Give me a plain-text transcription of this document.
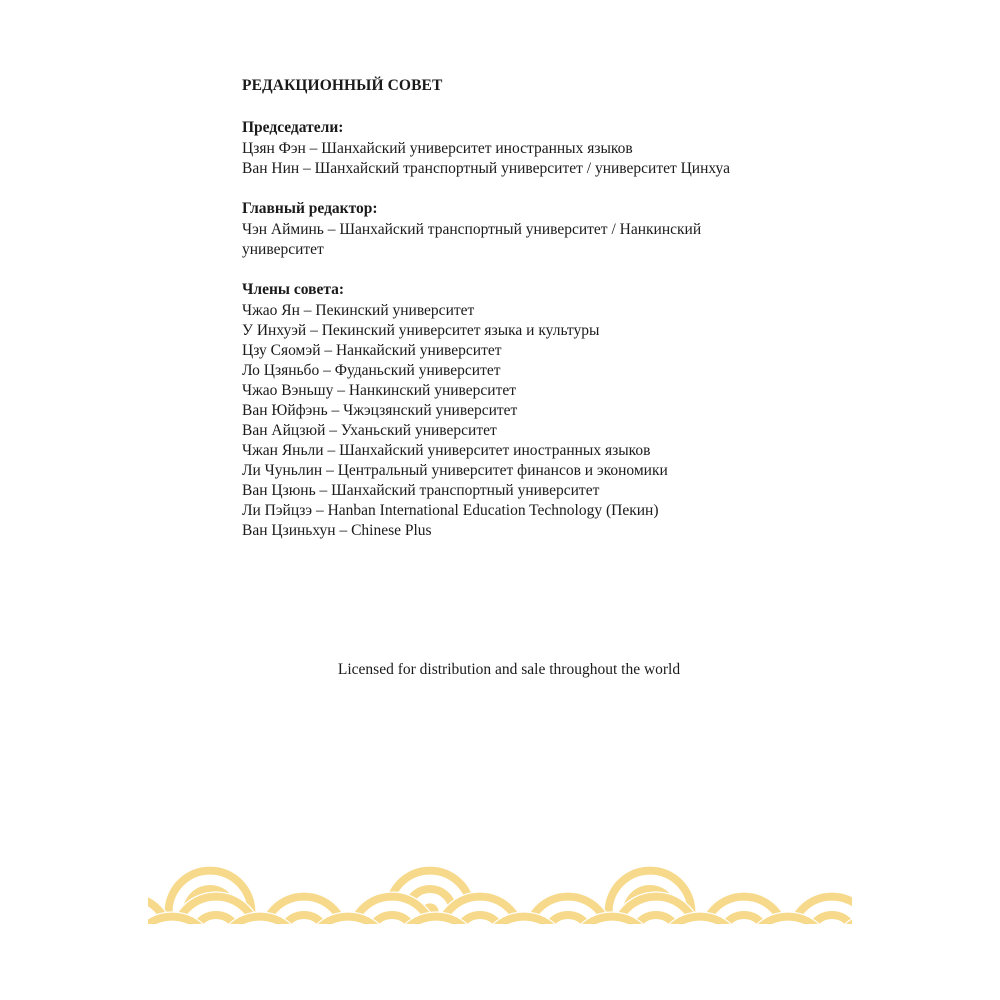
РЕДАКЦИОННЫЙ СОВЕТ
Председатели:
Цзян Фэн – Шанхайский университет иностранных языков
Ван Нин – Шанхайский транспортный университет / университет Цинхуа
Главный редактор:
Чэн Айминь – Шанхайский транспортный университет / Нанкинский университет
Члены совета:
Чжао Ян – Пекинский университет
У Инхуэй – Пекинский университет языка и культуры
Цзу Сяомэй – Нанкайский университет
Ло Цзяньбо – Фуданьский университет
Чжао Вэньшу – Нанкинский университет
Ван Юйфэнь – Чжэцзянский университет
Ван Айцзюй – Уханьский университет
Чжан Яньли – Шанхайский университет иностранных языков
Ли Чуньлин – Центральный университет финансов и экономики
Ван Цзюнь – Шанхайский транспортный университет
Ли Пэйцзэ – Hanban International Education Technology (Пекин)
Ван Цзиньхун – Chinese Plus
Licensed for distribution and sale throughout the world
